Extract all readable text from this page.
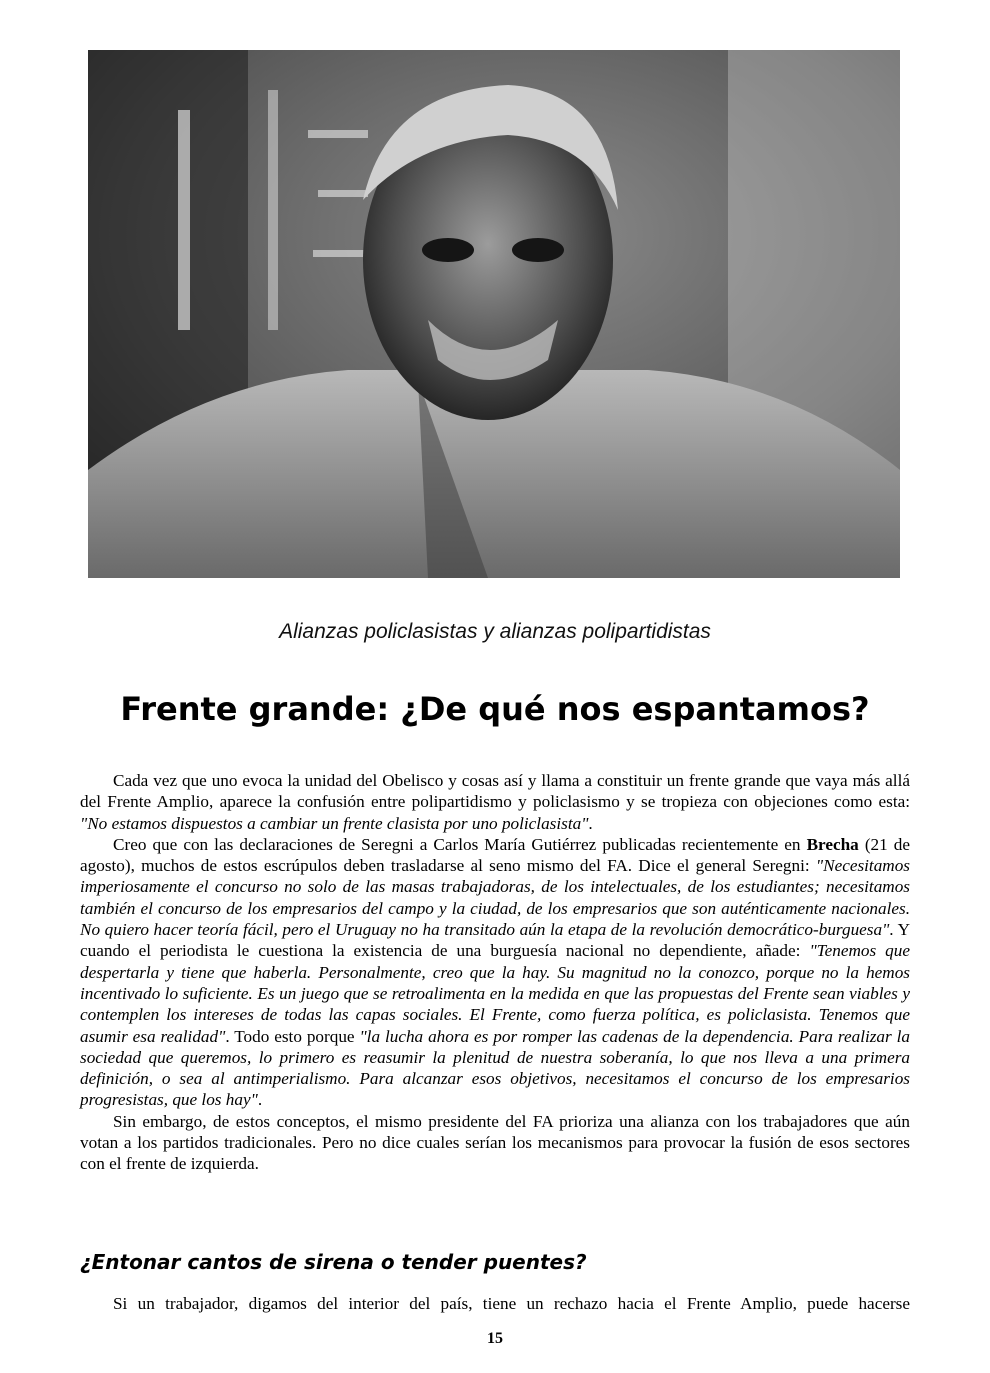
Alianzas policlasistas y alianzas polipartidistas
Frente grande: ¿De qué nos espantamos?

Cada vez que uno evoca la unidad del Obelisco y cosas así y llama a constituir un frente grande que vaya más allá del Frente Amplio, aparece la confusión entre polipartidismo y policlasismo y se tropieza con objeciones como esta: "No estamos dispuestos a cambiar un frente clasista por uno policlasista".

Creo que con las declaraciones de Seregni a Carlos María Gutiérrez publicadas recientemente en Brecha (21 de agosto), muchos de estos escrúpulos deben trasladarse al seno mismo del FA. Dice el general Seregni: "Necesitamos imperiosamente el concurso no solo de las masas trabajadoras, de los intelectuales, de los estudiantes; necesitamos también el concurso de los empresarios del campo y la ciudad, de los empresarios que son auténticamente nacionales. No quiero hacer teoría fácil, pero el Uruguay no ha transitado aún la etapa de la revolución democrático-burguesa". Y cuando el periodista le cuestiona la existencia de una burguesía nacional no dependiente, añade: "Tenemos que despertarla y tiene que haberla. Personalmente, creo que la hay. Su magnitud no la conozco, porque no la hemos incentivado lo suficiente. Es un juego que se retroalimenta en la medida en que las propuestas del Frente sean viables y contemplen los intereses de todas las capas sociales. El Frente, como fuerza política, es policlasista. Tenemos que asumir esa realidad". Todo esto porque "la lucha ahora es por romper las cadenas de la dependencia. Para realizar la sociedad que queremos, lo primero es reasumir la plenitud de nuestra soberanía, lo que nos lleva a una primera definición, o sea al antimperialismo. Para alcanzar esos objetivos, necesitamos el concurso de los empresarios progresistas, que los hay".

Sin embargo, de estos conceptos, el mismo presidente del FA prioriza una alianza con los trabajadores que aún votan a los partidos tradicionales. Pero no dice cuales serían los mecanismos para provocar la fusión de esos sectores con el frente de izquierda.

¿Entonar cantos de sirena o tender puentes?
Si un trabajador, digamos del interior del país, tiene un rechazo hacia el Frente Amplio, puede hacerse
15
